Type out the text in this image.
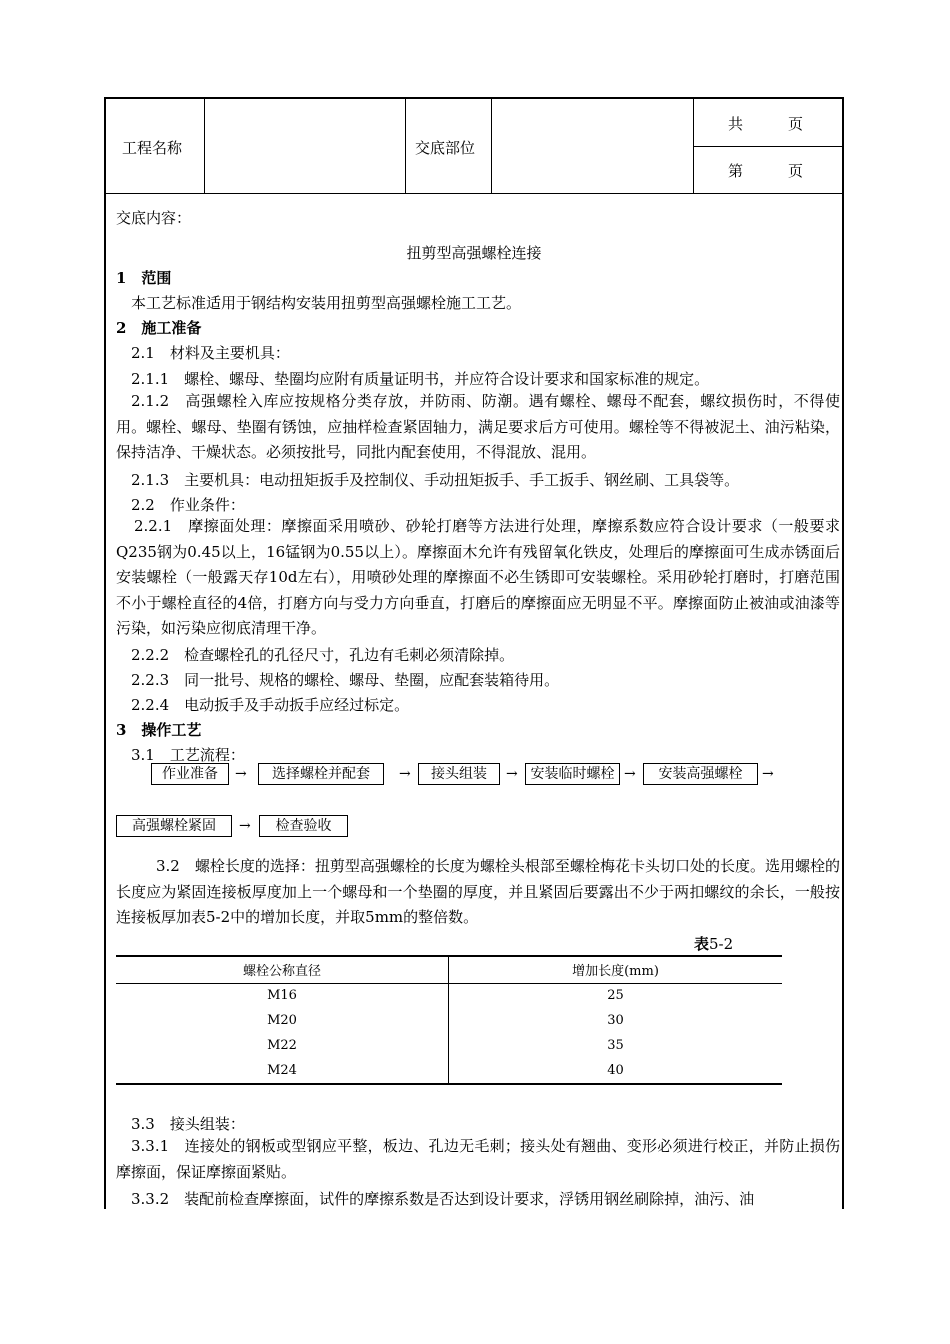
工程名称	交底部位
共　　　页
第　　　页
交底内容：
扭剪型高强螺栓连接
1　范围
本工艺标准适用于钢结构安装用扭剪型高强螺栓施工工艺。
2　施工准备
2.1　材料及主要机具：
2.1.1　螺栓、螺母、垫圈均应附有质量证明书，并应符合设计要求和国家标准的规定。
2.1.2　高强螺栓入库应按规格分类存放，并防雨、防潮。遇有螺栓、螺母不配套，螺纹损伤时，不得使用。螺栓、螺母、垫圈有锈蚀，应抽样检查紧固轴力，满足要求后方可使用。螺栓等不得被泥土、油污粘染，保持洁净、干燥状态。必须按批号，同批内配套使用，不得混放、混用。
2.1.3　主要机具：电动扭矩扳手及控制仪、手动扭矩扳手、手工扳手、钢丝刷、工具袋等。
2.2　作业条件：
2.2.1　摩擦面处理：摩擦面采用喷砂、砂轮打磨等方法进行处理，摩擦系数应符合设计要求（一般要求Q235钢为0.45以上，16锰钢为0.55以上）。摩擦面木允许有残留氧化铁皮，处理后的摩擦面可生成赤锈面后安装螺栓（一般露天存10d左右），用喷砂处理的摩擦面不必生锈即可安装螺栓。采用砂轮打磨时，打磨范围不小于螺栓直径的4倍，打磨方向与受力方向垂直，打磨后的摩擦面应无明显不平。摩擦面防止被油或油漆等污染，如污染应彻底清理干净。
2.2.2　检查螺栓孔的孔径尺寸，孔边有毛刺必须清除掉。
2.2.3　同一批号、规格的螺栓、螺母、垫圈，应配套装箱待用。
2.2.4　电动扳手及手动扳手应经过标定。
3　操作工艺
3.1　工艺流程：
作业准备	→	选择螺栓并配套	→	接头组装	→ 安装临时螺栓 →	安装高强螺栓	→
高强螺栓紧固	→	检查验收
3.2　螺栓长度的选择：扭剪型高强螺栓的长度为螺栓头根部至螺栓梅花卡头切口处的长度。选用螺栓的长度应为紧固连接板厚度加上一个螺母和一个垫圈的厚度，并且紧固后要露出不少于两扣螺纹的余长，一般按连接板厚加表5-2中的增加长度，并取5mm的整倍数。
表5-2
螺栓公称直径	增加长度(mm)
M16	25
M20	30
M22	35
M24	40
3.3　接头组装：
3.3.1　连接处的钢板或型钢应平整，板边、孔边无毛刺；接头处有翘曲、变形必须进行校正，并防止损伤摩擦面，保证摩擦面紧贴。
3.3.2　装配前检查摩擦面，试件的摩擦系数是否达到设计要求，浮锈用钢丝刷除掉，油污、油
